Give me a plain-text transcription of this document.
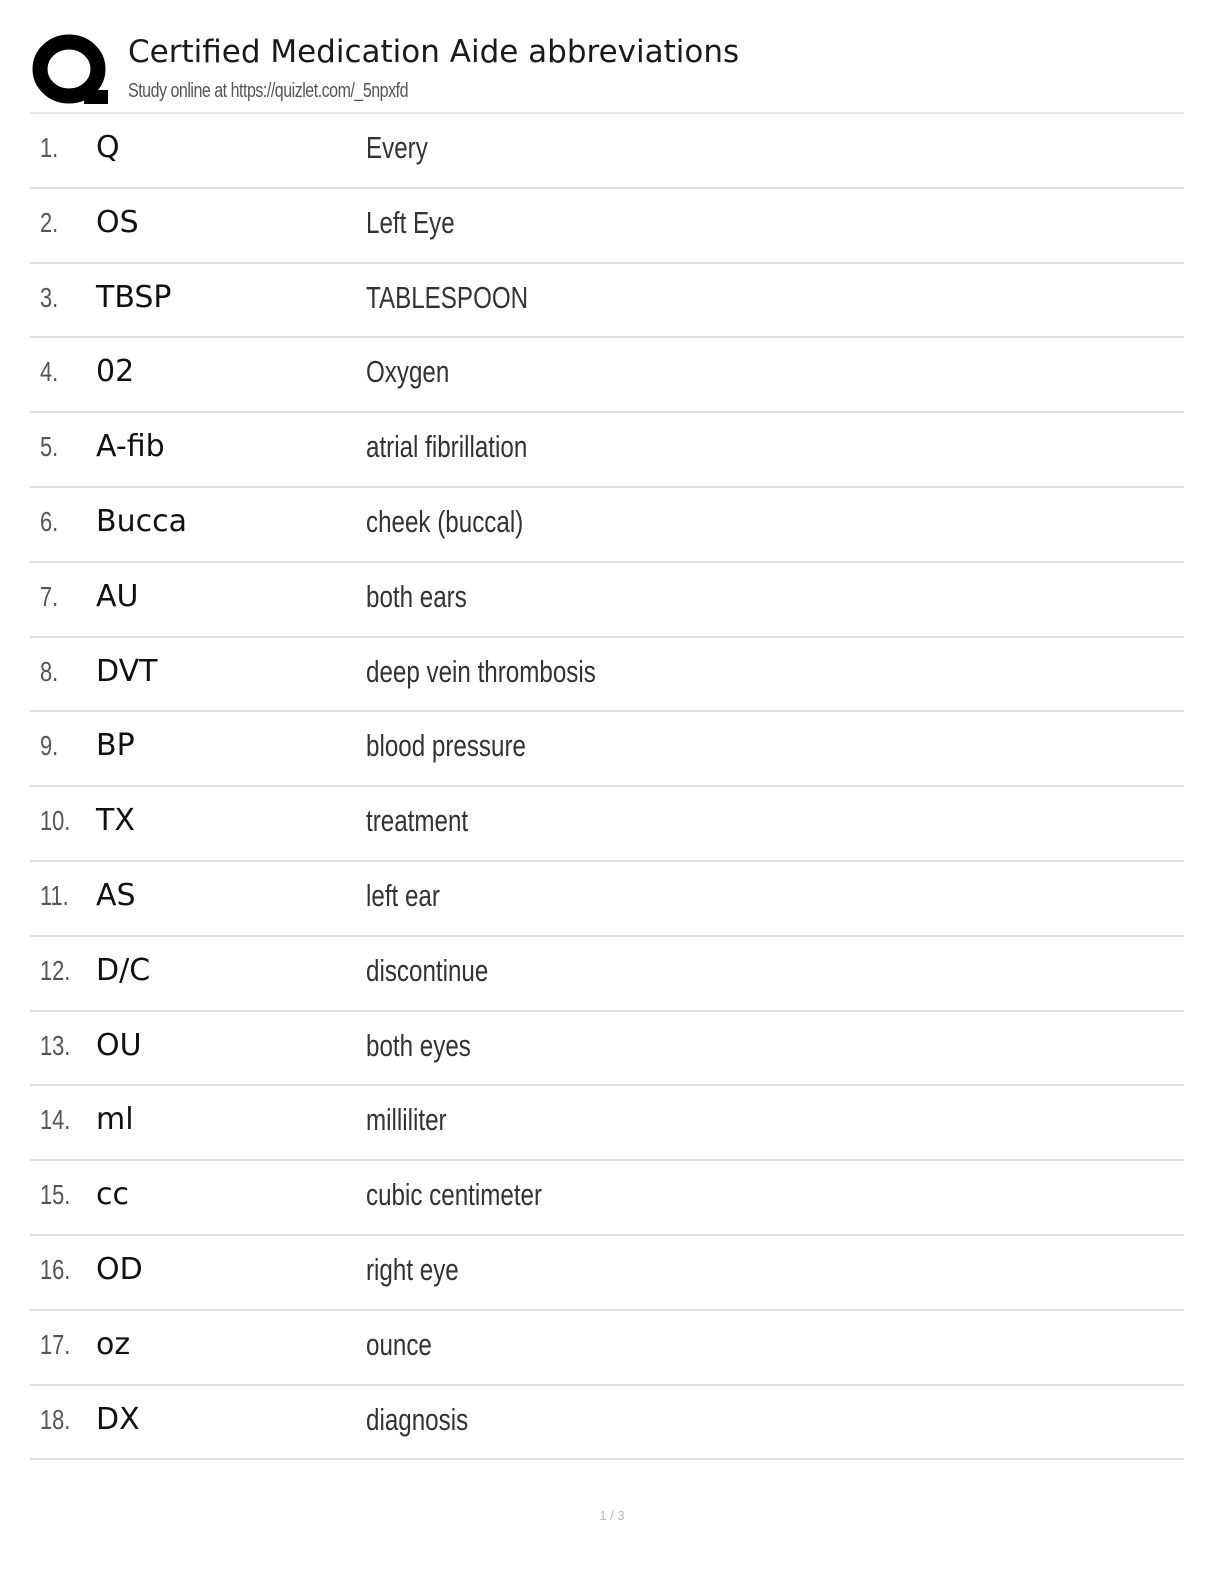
Certified Medication Aide abbreviations
Study online at https://quizlet.com/_5npxfd
1. Q	Every
2. OS	Left Eye
3. TBSP	TABLESPOON
4. 02	Oxygen
5. A-fib	atrial fibrillation
6. Bucca	cheek (buccal)
7. AU	both ears
8. DVT	deep vein thrombosis
9. BP	blood pressure
10. TX	treatment
11. AS	left ear
12. D/C	discontinue
13. OU	both eyes
14. ml	milliliter
15. cc	cubic centimeter
16. OD	right eye
17. oz	ounce
18. DX	diagnosis
1 / 3
